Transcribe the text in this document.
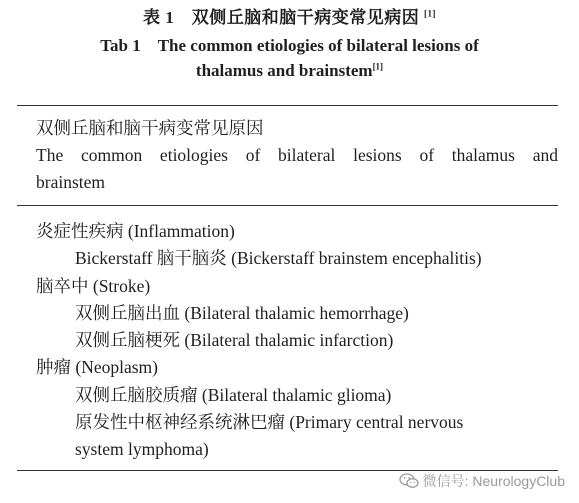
表 1　双侧丘脑和脑干病变常见病因 [1]
Tab 1　The common etiologies of bilateral lesions of
thalamus and brainstem[1]
双侧丘脑和脑干病变常见原因
The common etiologies of bilateral lesions of thalamus and
brainstem
炎症性疾病 (Inflammation)
Bickerstaff 脑干脑炎 (Bickerstaff brainstem encephalitis)
脑卒中 (Stroke)
双侧丘脑出血 (Bilateral thalamic hemorrhage)
双侧丘脑梗死 (Bilateral thalamic infarction)
肿瘤 (Neoplasm)
双侧丘脑胶质瘤 (Bilateral thalamic glioma)
原发性中枢神经系统淋巴瘤 (Primary central nervous
system lymphoma)
微信号: NeurologyClub
